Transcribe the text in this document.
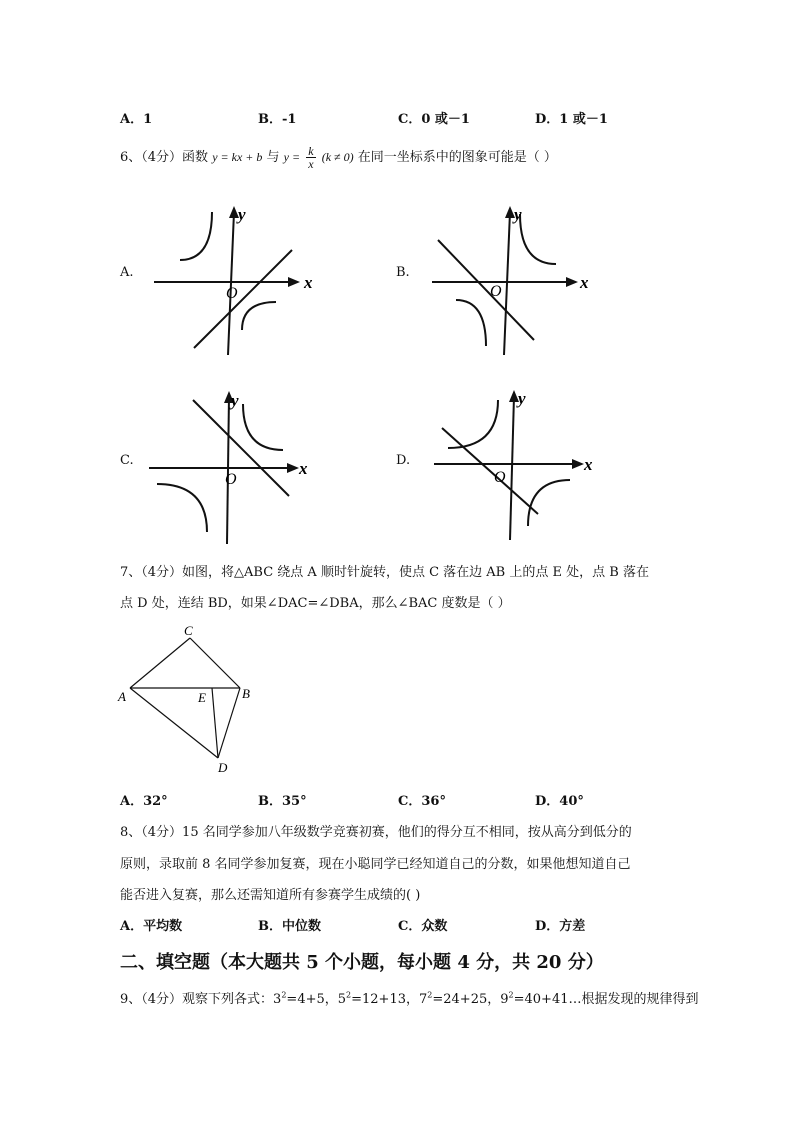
A．1	B．-1	C．0 或－1	D．1 或－1
6、（4分）函数 y = kx + b 与 $y = \frac{k}{x} (k \ne 0)$ 在同一坐标系中的图象可能是（ ）
A.	B.
C.	D.
x
y
O
x
y
O
x
y
O
x
y
O
7、（4分）如图，将△ABC 绕点 A 顺时针旋转，使点 C 落在边 AB 上的点 E 处，点 B 落在
点 D 处，连结 BD，如果∠DAC=∠DBA，那么∠BAC 度数是（ ）
C
A	E	B
D
A．32°	B．35°	C．36°	D．40°
8、（4分）15 名同学参加八年级数学竞赛初赛，他们的得分互不相同，按从高分到低分的
原则，录取前 8 名同学参加复赛，现在小聪同学已经知道自己的分数，如果他想知道自己
能否进入复赛，那么还需知道所有参赛学生成绩的( )
A．平均数	B．中位数	C．众数	D．方差
二、填空题（本大题共 5 个小题，每小题 4 分，共 20 分）
9、（4分）观察下列各式：$3^2=4+5$，$5^2=12+13$，$7^2=24+25$，$9^2=40+41\dots$根据发现的规律得到
